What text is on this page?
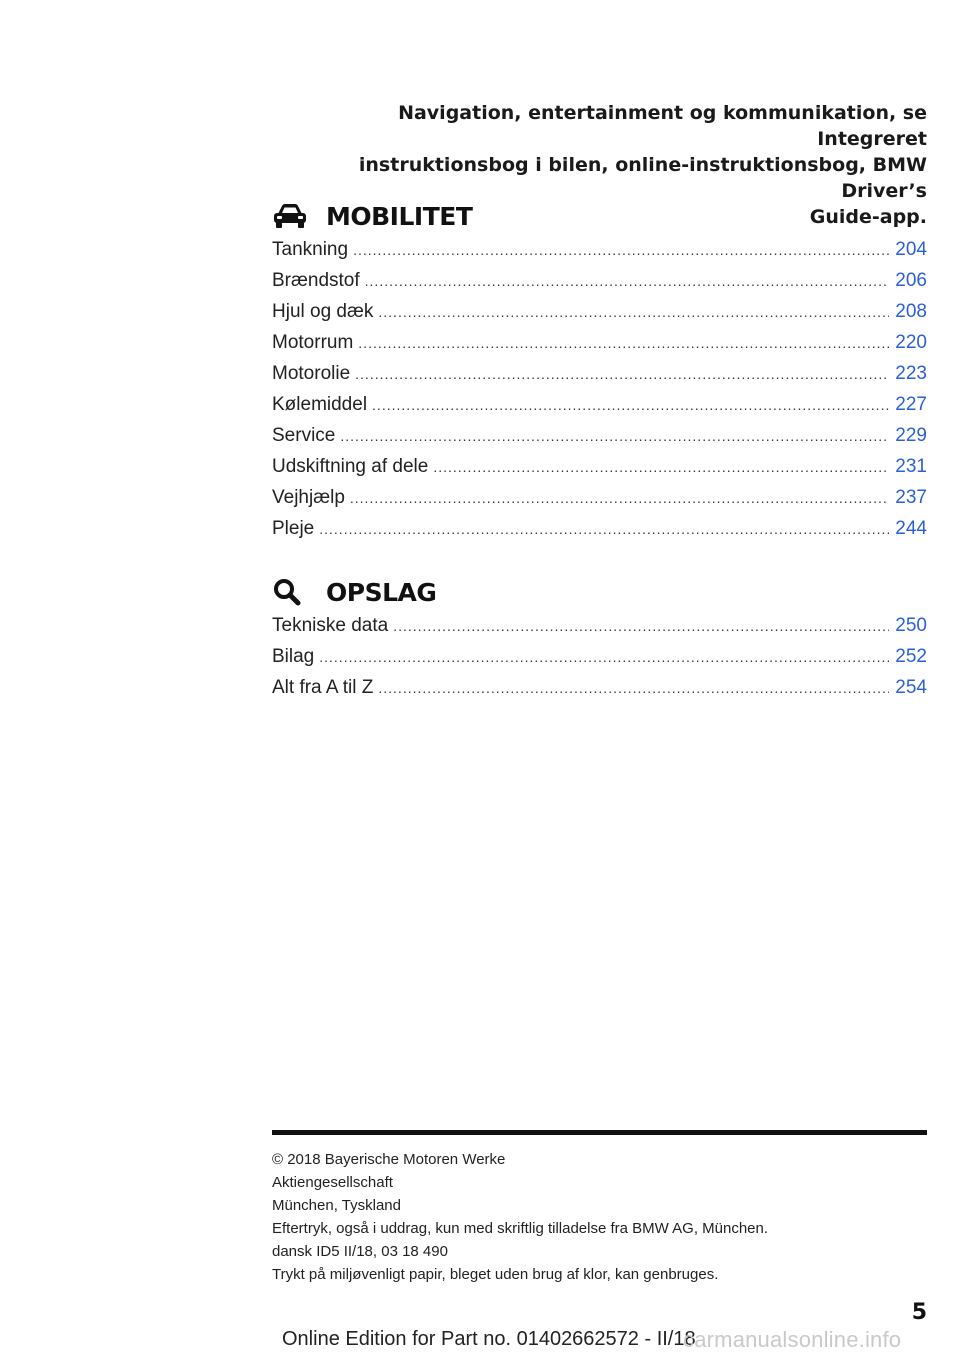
Navigation, entertainment og kommunikation, se Integreret
instruktionsbog i bilen, online-instruktionsbog, BMW Driver’s
Guide-app.
MOBILITET
Tankning .....	204
Brændstof .....	206
Hjul og dæk .....	208
Motorrum .....	220
Motorolie .....	223
Kølemiddel .....	227
Service .....	229
Udskiftning af dele .....	231
Vejhjælp .....	237
Pleje .....	244
OPSLAG
Tekniske data .....	250
Bilag .....	252
Alt fra A til Z .....	254
© 2018 Bayerische Motoren Werke
Aktiengesellschaft
München, Tyskland
Eftertryk, også i uddrag, kun med skriftlig tilladelse fra BMW AG, München.
dansk ID5 II/18, 03 18 490
Trykt på miljøvenligt papir, bleget uden brug af klor, kan genbruges.
5
Online Edition for Part no. 01402662572 - II/18
carmanualsonline.info
